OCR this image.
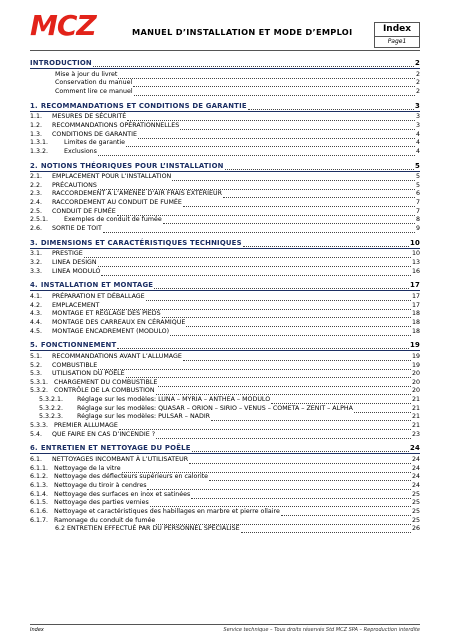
MCZ	MANUEL D’INSTALLATION ET MODE D’EMPLOI	Index
Page1
INTRODUCTION	2
Mise à jour du livret	2
Conservation du manuel	2
Comment lire ce manuel	2
1. RECOMMANDATIONS ET CONDITIONS DE GARANTIE	3
1.1.	MESURES DE SÉCURITÉ	3
1.2.	RECOMMANDATIONS OPÉRATIONNELLES	3
1.3.	CONDITIONS DE GARANTIE	4
1.3.1.	Limites de garantie	4
1.3.2.	Exclusions	4
2. NOTIONS THÉORIQUES POUR L’INSTALLATION	5
2.1.	EMPLACEMENT POUR L’INSTALLATION	5
2.2.	PRÉCAUTIONS	5
2.3.	RACCORDEMENT À L’AMENÉE D’AIR FRAIS EXTÉRIEUR	6
2.4.	RACCORDEMENT AU CONDUIT DE FUMÉE	7
2.5.	CONDUIT DE FUMÉE	7
2.5.1.	Exemples de conduit de fumée	8
2.6.	SORTIE DE TOIT	9
3. DIMENSIONS ET CARACTÉRISTIQUES TECHNIQUES	10
3.1.	PRESTIGE	10
3.2.	LINEA DESIGN	13
3.3.	LINEA MODULO	16
4. INSTALLATION ET MONTAGE	17
4.1.	PRÉPARATION ET DÉBALLAGE	17
4.2.	EMPLACEMENT	17
4.3.	MONTAGE ET RÉGLAGE DES PIEDS	18
4.4.	MONTAGE DES CARREAUX EN CÉRAMIQUE	18
4.5.	MONTAGE ENCADREMENT (MODULO)	18
5. FONCTIONNEMENT	19
5.1.	RECOMMANDATIONS AVANT L’ALLUMAGE	19
5.2.	COMBUSTIBLE	19
5.3.	UTILISATION DU POÊLE	20
5.3.1. CHARGEMENT DU COMBUSTIBLE	20
5.3.2. CONTRÔLE DE LA COMBUSTION	20
5.3.2.1.	Réglage sur les modèles: LUNA – MYRIA – ANTHEA – MODULO	21
5.3.2.2.	Réglage sur les modèles: QUASAR – ORION – SIRIO – VENUS – COMETA – ZENIT – ALPHA	21
5.3.2.3.	Réglage sur les modèles: PULSAR – NADIR	21
5.3.3. PREMIER ALLUMAGE	21
5.4.	QUE FAIRE EN CAS D’INCENDIE ?	23
6. ENTRETIEN ET NETTOYAGE DU POÊLE	24
6.1.	NETTOYAGES INCOMBANT À L’UTILISATEUR	24
6.1.1. Nettoyage de la vitre	24
6.1.2. Nettoyage des déflecteurs supérieurs en calorite	24
6.1.3. Nettoyage du tiroir à cendres	24
6.1.4. Nettoyage des surfaces en inox et satinées	25
6.1.5. Nettoyage des parties vernies	25
6.1.6. Nettoyage et caractéristiques des habillages en marbre et pierre ollaire	25
6.1.7. Ramonage du conduit de fumée	25
6.2 ENTRETIEN EFFECTUÉ PAR DU PERSONNEL SPÉCIALISÉ	26
Index	Service technique – Tous droits réservés Std MCZ SPA – Reproduction interdite
